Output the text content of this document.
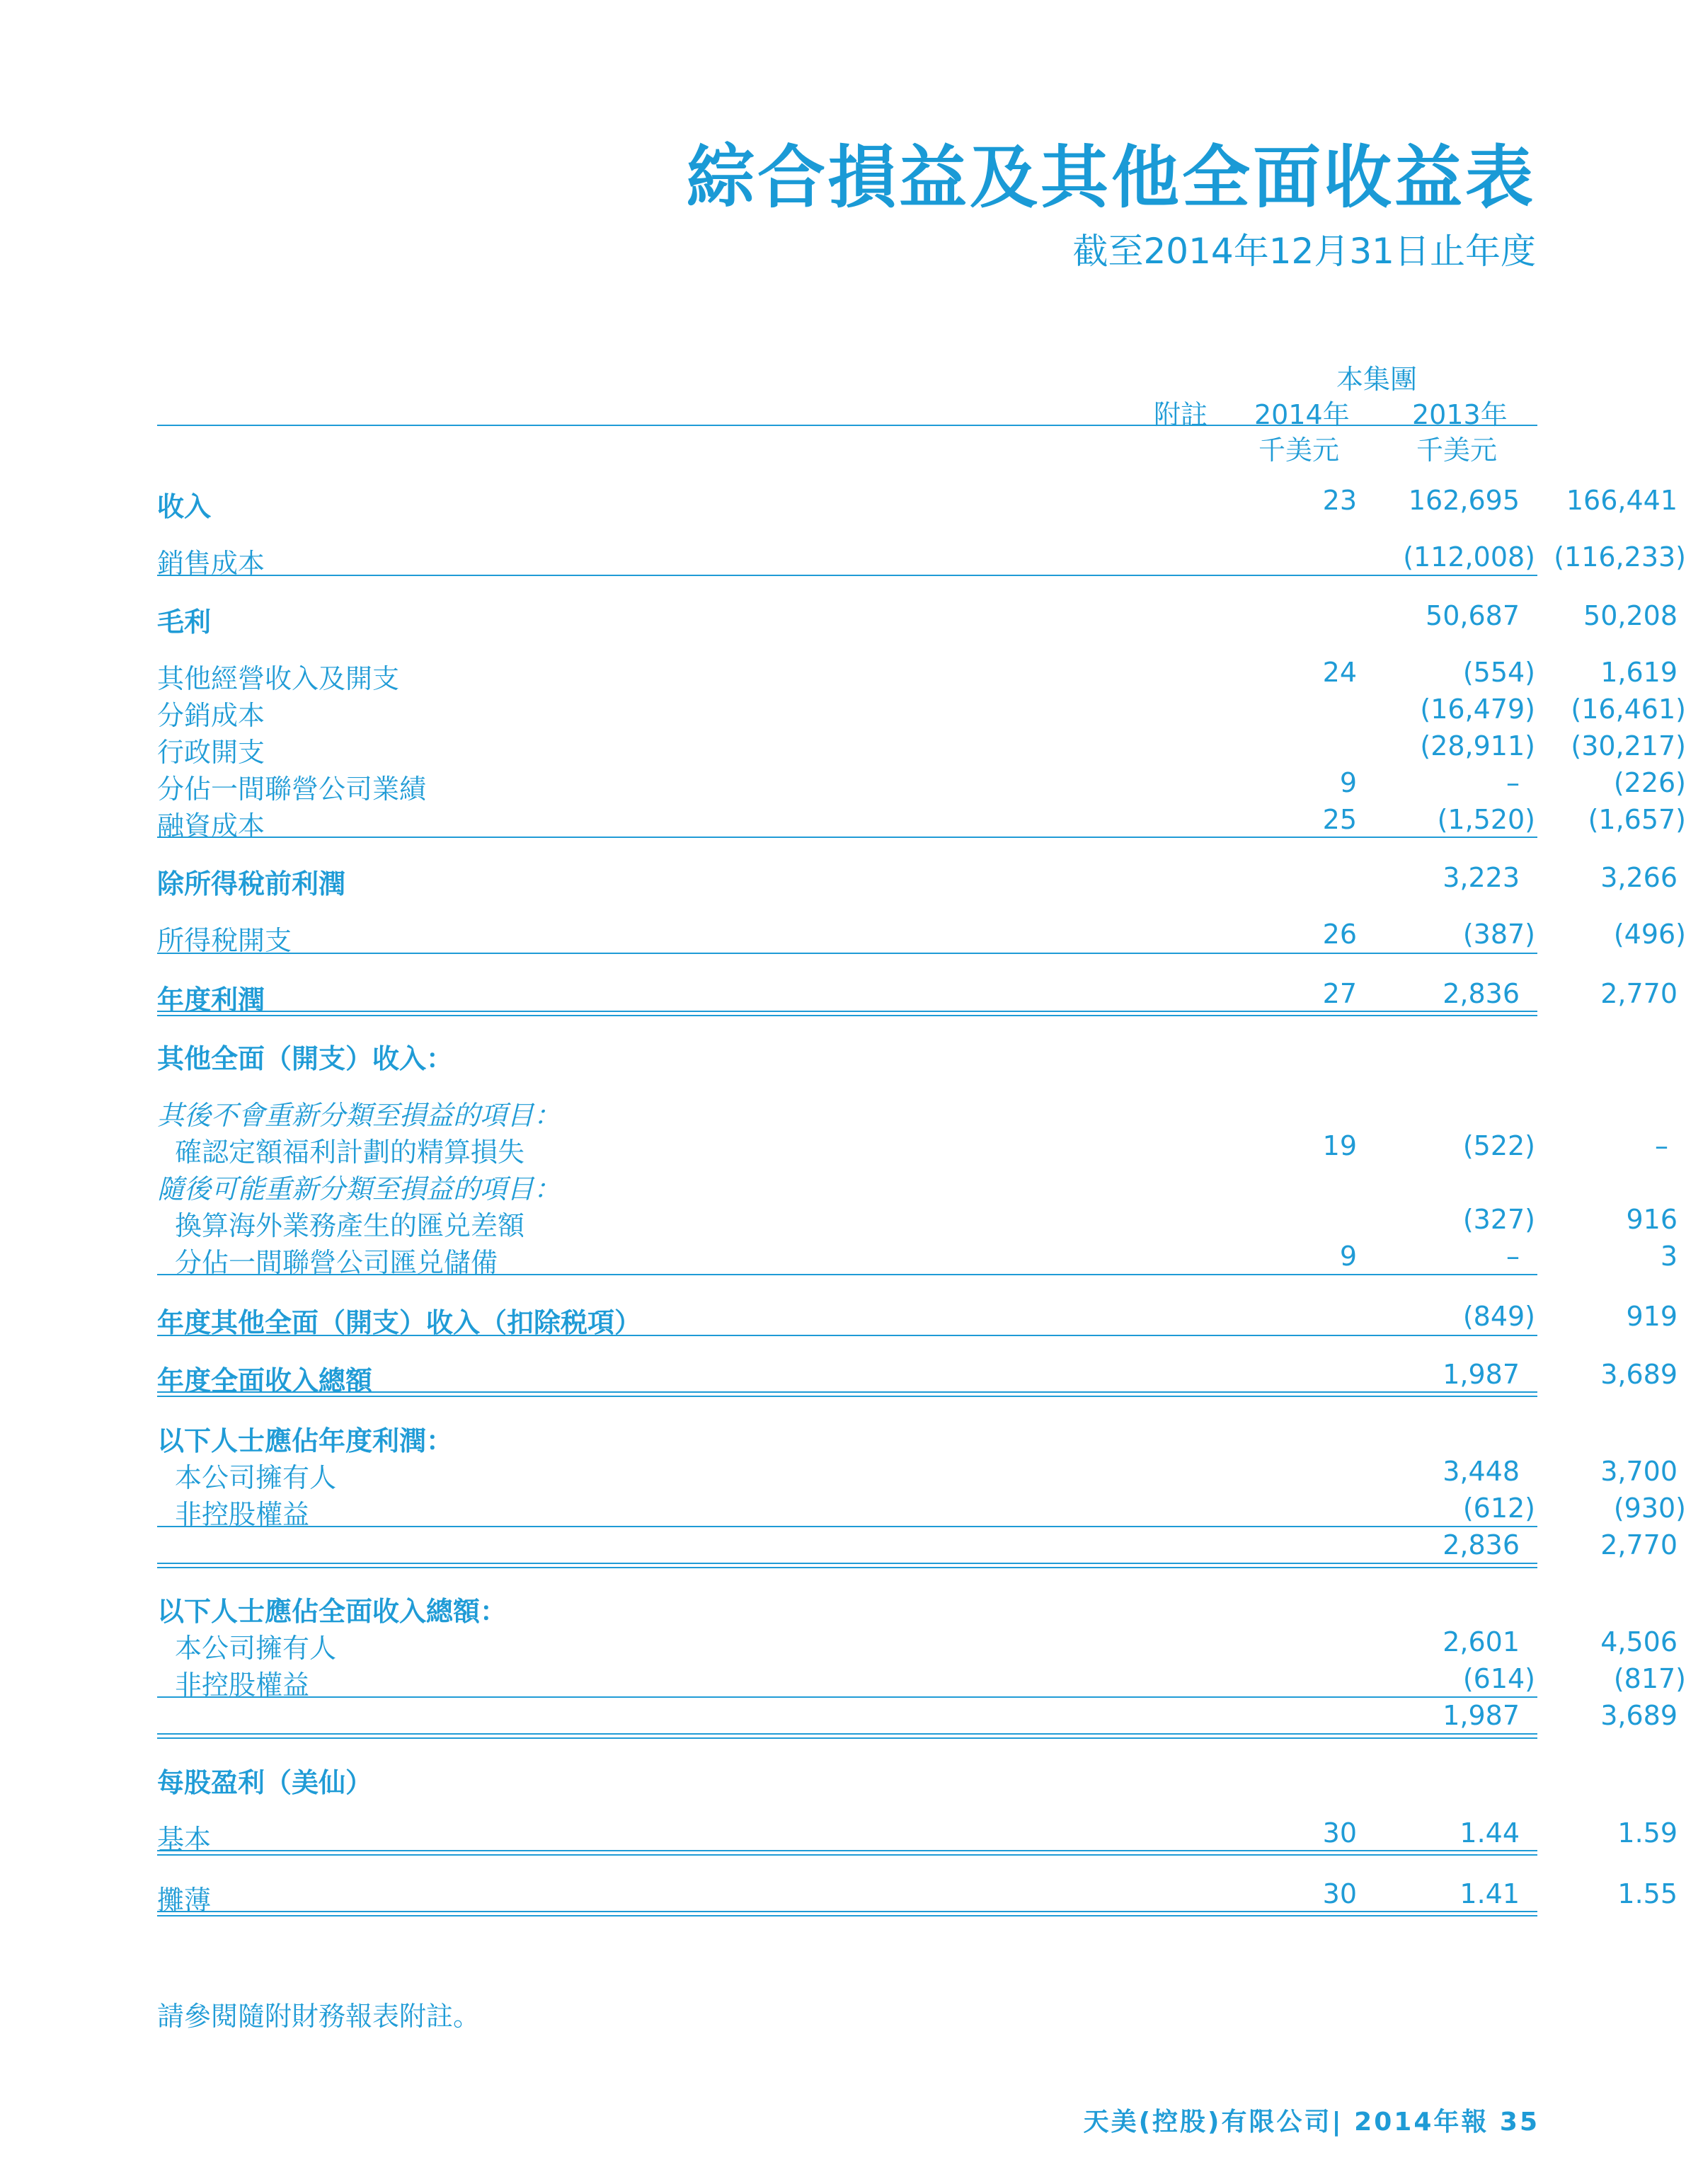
綜合損益及其他全面收益表
截至2014年12月31日止年度
本集團
附註 2014年 2013年
千美元	千美元
收入	23	162,695	166,441
銷售成本	(112,008) (116,233)
毛利	50,687	50,208
其他經營收入及開支	24	(554)	1,619
分銷成本	(16,479)	(16,461)
行政開支	(28,911)	(30,217)
分佔一間聯營公司業績	9	–	(226)
融資成本	25	(1,520)	(1,657)
除所得稅前利潤	3,223	3,266
所得稅開支	26	(387)	(496)
年度利潤	27	2,836	2,770
其他全面（開支）收入：
其後不會重新分類至損益的項目：
確認定額福利計劃的精算損失	19	(522)	–
隨後可能重新分類至損益的項目：
換算海外業務產生的匯兑差額	(327)	916
分佔一間聯營公司匯兑儲備	9	–	3
年度其他全面（開支）收入（扣除税項）	(849)	919
年度全面收入總額	1,987	3,689
以下人士應佔年度利潤：
本公司擁有人	3,448	3,700
非控股權益	(612)	(930)
2,836	2,770
以下人士應佔全面收入總額：
本公司擁有人	2,601	4,506
非控股權益	(614)	(817)
1,987	3,689
每股盈利（美仙）
基本	30	1.44	1.59
攤薄	30	1.41	1.55
請參閱隨附財務報表附註。
天美(控股)有限公司| 2014年報 35
